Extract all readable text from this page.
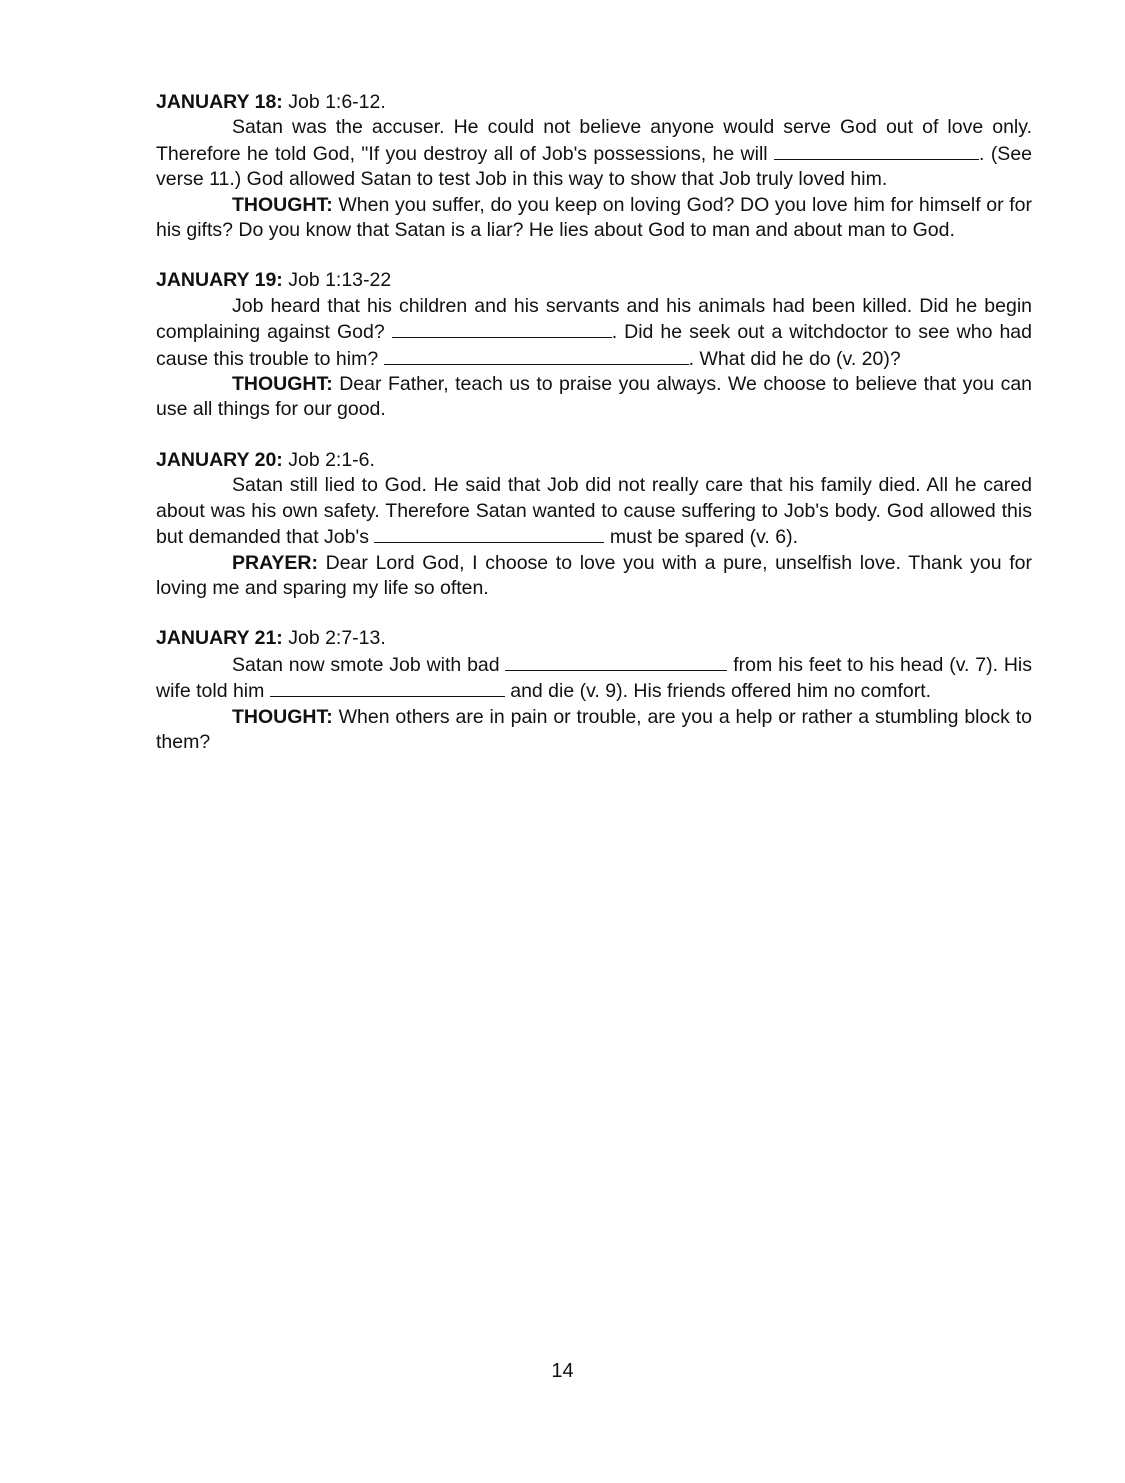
JANUARY 18: Job 1:6-12.

Satan was the accuser. He could not believe anyone would serve God out of love only. Therefore he told God, "If you destroy all of Job's possessions, he will	. (See verse 11.) God allowed Satan to test Job in this way to show that Job truly loved him.

THOUGHT: When you suffer, do you keep on loving God? DO you love him for himself or for his gifts? Do you know that Satan is a liar? He lies about God to man and about man to God.

JANUARY 19: Job 1:13-22

Job heard that his children and his servants and his animals had been killed. Did he begin complaining against God?	. Did he seek out a witchdoctor to see who had cause this trouble to him?	. What did he do (v. 20)?

THOUGHT: Dear Father, teach us to praise you always. We choose to believe that you can use all things for our good.

JANUARY 20: Job 2:1-6.

Satan still lied to God. He said that Job did not really care that his family died. All he cared about was his own safety. Therefore Satan wanted to cause suffering to Job's body. God allowed this but demanded that Job's	must be spared (v. 6).

PRAYER: Dear Lord God, I choose to love you with a pure, unselfish love. Thank you for loving me and sparing my life so often.

JANUARY 21: Job 2:7-13.

Satan now smote Job with bad	from his feet to his head (v. 7). His wife told him	and die (v. 9). His friends offered him no comfort.

THOUGHT: When others are in pain or trouble, are you a help or rather a stumbling block to them?

14
